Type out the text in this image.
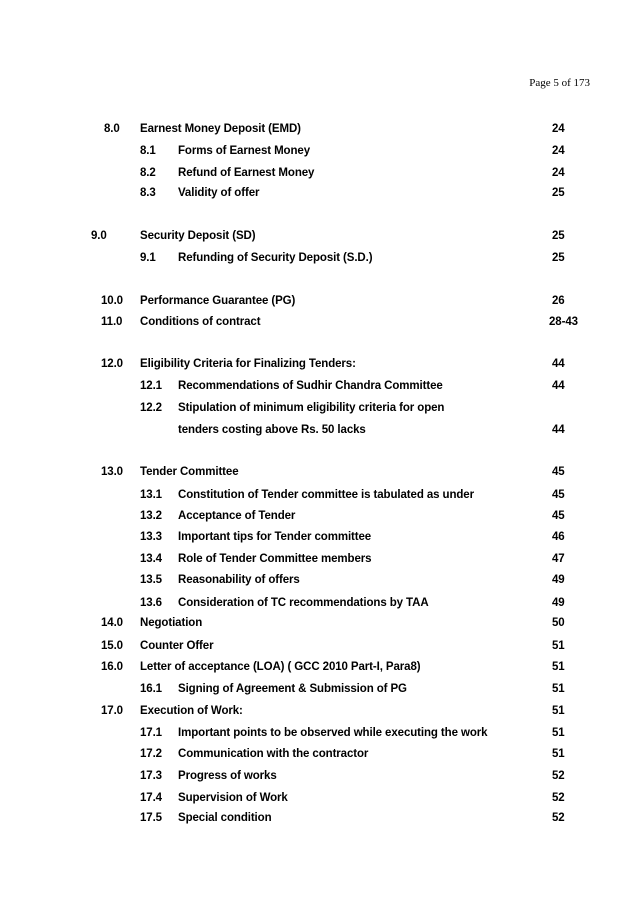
Page 5 of 173
8.0 Earnest Money Deposit (EMD)	24
8.1 Forms of Earnest Money	24
8.2 Refund of Earnest Money	24
8.3 Validity of offer	25
9.0	Security Deposit (SD)	25
9.1 Refunding of Security Deposit (S.D.)	25
10.0 Performance Guarantee (PG)	26
11.0 Conditions of contract	28-43
12.0 Eligibility Criteria for Finalizing Tenders:	44
12.1 Recommendations of Sudhir Chandra Committee	44
12.2 Stipulation of minimum eligibility criteria for open
tenders costing above Rs. 50 lacks	44
13.0 Tender Committee	45
13.1 Constitution of Tender committee is tabulated as under	45
13.2 Acceptance of Tender	45
13.3 Important tips for Tender committee	46
13.4 Role of Tender Committee members	47
13.5 Reasonability of offers	49
13.6 Consideration of TC recommendations by TAA	49
14.0 Negotiation	50
15.0 Counter Offer	51
16.0 Letter of acceptance (LOA) ( GCC 2010 Part-I, Para8)	51
16.1 Signing of Agreement & Submission of PG	51
17.0 Execution of Work:	51
17.1 Important points to be observed while executing the work	51
17.2 Communication with the contractor	51
17.3 Progress of works	52
17.4 Supervision of Work	52
17.5 Special condition	52
